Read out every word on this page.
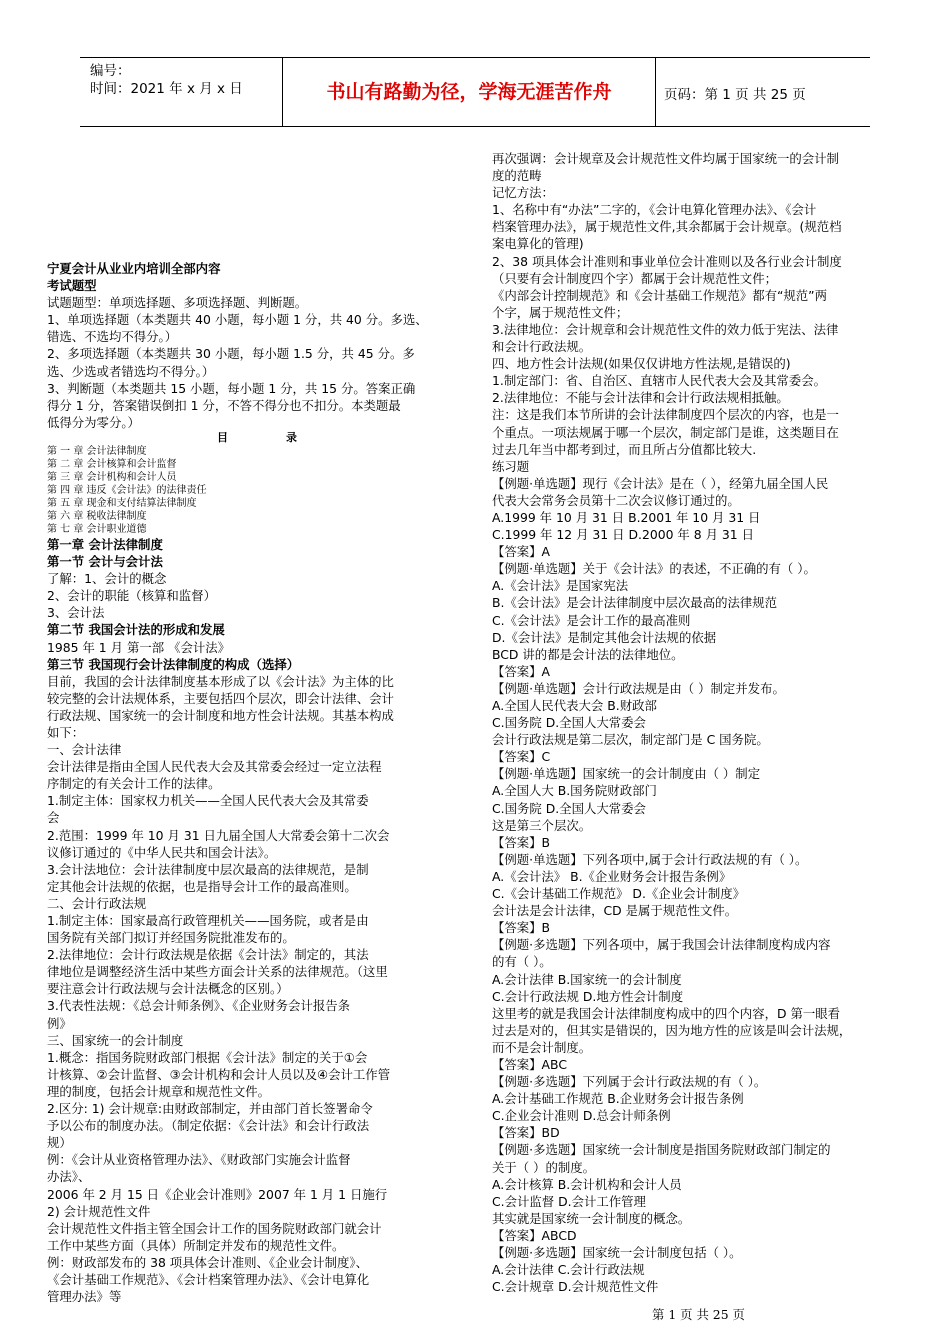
编号：
时间：2021 年 x 月 x 日	书山有路勤为径，学海无涯苦作舟	页码：第 1 页 共 25 页
宁夏会计从业业内培训全部内容
考试题型
试题题型：单项选择题、多项选择题、判断题。
1、单项选择题（本类题共 40 小题，每小题 1 分，共 40 分。多选、
错选、不选均不得分。）
2、多项选择题（本类题共 30 小题，每小题 1.5 分，共 45 分。多
选、少选或者错选均不得分。）
3、判断题（本类题共 15 小题，每小题 1 分，共 15 分。答案正确
得分 1 分，答案错误倒扣 1 分，不答不得分也不扣分。本类题最
低得分为零分。）
目录
第 一 章 会计法律制度
第 二 章 会计核算和会计监督
第 三 章 会计机构和会计人员
第 四 章 违反《会计法》的法律责任
第 五 章 现金和支付结算法律制度
第 六 章 税收法律制度
第 七 章 会计职业道德
第一章 会计法律制度
第一节 会计与会计法
了解：1、会计的概念
2、会计的职能（核算和监督）
3、会计法
第二节 我国会计法的形成和发展
1985 年 1 月 第一部 《会计法》
第三节 我国现行会计法律制度的构成（选择）
目前，我国的会计法律制度基本形成了以《会计法》为主体的比
较完整的会计法规体系，主要包括四个层次，即会计法律、会计
行政法规、国家统一的会计制度和地方性会计法规。其基本构成
如下：
一、会计法律
会计法律是指由全国人民代表大会及其常委会经过一定立法程
序制定的有关会计工作的法律。
1.制定主体：国家权力机关——全国人民代表大会及其常委
会
2.范围：1999 年 10 月 31 日九届全国人大常委会第十二次会
议修订通过的《中华人民共和国会计法》。
3.会计法地位：会计法律制度中层次最高的法律规范，是制
定其他会计法规的依据，也是指导会计工作的最高准则。
二、会计行政法规
1.制定主体：国家最高行政管理机关——国务院，或者是由
国务院有关部门拟订并经国务院批准发布的。
2.法律地位：会计行政法规是依据《会计法》制定的，其法
律地位是调整经济生活中某些方面会计关系的法律规范。（这里
要注意会计行政法规与会计法概念的区别。）
3.代表性法规：《总会计师条例》、《企业财务会计报告条
例》
三、国家统一的会计制度
1.概念：指国务院财政部门根据《会计法》制定的关于①会
计核算、②会计监督、③会计机构和会计人员以及④会计工作管
理的制度，包括会计规章和规范性文件。
2.区分: 1) 会计规章:由财政部制定，并由部门首长签署命令
予以公布的制度办法。（制定依据：《会计法》和会计行政法
规）
例：《会计从业资格管理办法》、《财政部门实施会计监督
办法》、
2006 年 2 月 15 日《企业会计准则》2007 年 1 月 1 日施行
2) 会计规范性文件
会计规范性文件指主管全国会计工作的国务院财政部门就会计
工作中某些方面（具体）所制定并发布的规范性文件。
例：财政部发布的 38 项具体会计准则、《企业会计制度》、
《会计基础工作规范》、《会计档案管理办法》、《会计电算化
管理办法》等
再次强调：会计规章及会计规范性文件均属于国家统一的会计制
度的范畴
记忆方法：
1、名称中有“办法”二字的，《会计电算化管理办法》、《会计
档案管理办法》，属于规范性文件,其余都属于会计规章。(规范档
案电算化的管理)
2、38 项具体会计准则和事业单位会计准则以及各行业会计制度
（只要有会计制度四个字）都属于会计规范性文件；
《内部会计控制规范》和《会计基础工作规范》都有“规范”两
个字，属于规范性文件；
3.法律地位：会计规章和会计规范性文件的效力低于宪法、法律
和会计行政法规。
四、地方性会计法规(如果仅仅讲地方性法规,是错误的)
1.制定部门：省、自治区、直辖市人民代表大会及其常委会。
2.法律地位：不能与会计法律和会计行政法规相抵触。
注：这是我们本节所讲的会计法律制度四个层次的内容，也是一
个重点。一项法规属于哪一个层次，制定部门是谁，这类题目在
过去几年当中都考到过，而且所占分值都比较大.
练习题
【例题·单选题】现行《会计法》是在（ ），经第九届全国人民
代表大会常务会员第十二次会议修订通过的。
A.1999 年 10 月 31 日 B.2001 年 10 月 31 日
C.1999 年 12 月 31 日 D.2000 年 8 月 31 日
【答案】A
【例题·单选题】关于《会计法》的表述，不正确的有（ ）。
A.《会计法》是国家宪法
B.《会计法》是会计法律制度中层次最高的法律规范
C.《会计法》是会计工作的最高准则
D.《会计法》是制定其他会计法规的依据
BCD 讲的都是会计法的法律地位。
【答案】A
【例题·单选题】会计行政法规是由（ ）制定并发布。
A.全国人民代表大会 B.财政部
C.国务院 D.全国人大常委会
会计行政法规是第二层次，制定部门是 C 国务院。
【答案】C
【例题·单选题】国家统一的会计制度由（ ）制定
A.全国人大 B.国务院财政部门
C.国务院 D.全国人大常委会
这是第三个层次。
【答案】B
【例题·单选题】下列各项中,属于会计行政法规的有（ ）。
A.《会计法》 B.《企业财务会计报告条例》
C.《会计基础工作规范》 D.《企业会计制度》
会计法是会计法律，CD 是属于规范性文件。
【答案】B
【例题·多选题】下列各项中，属于我国会计法律制度构成内容
的有（ ）。
A.会计法律 B.国家统一的会计制度
C.会计行政法规 D.地方性会计制度
这里考的就是我国会计法律制度构成中的四个内容，D 第一眼看
过去是对的，但其实是错误的，因为地方性的应该是叫会计法规，
而不是会计制度。
【答案】ABC
【例题·多选题】下列属于会计行政法规的有（ ）。
A.会计基础工作规范 B.企业财务会计报告条例
C.企业会计准则 D.总会计师条例
【答案】BD
【例题·多选题】国家统一会计制度是指国务院财政部门制定的
关于（ ）的制度。
A.会计核算 B.会计机构和会计人员
C.会计监督 D.会计工作管理
其实就是国家统一会计制度的概念。
【答案】ABCD
【例题·多选题】国家统一会计制度包括（ ）。
A.会计法律 C.会计行政法规
C.会计规章 D.会计规范性文件
第 1 页 共 25 页
